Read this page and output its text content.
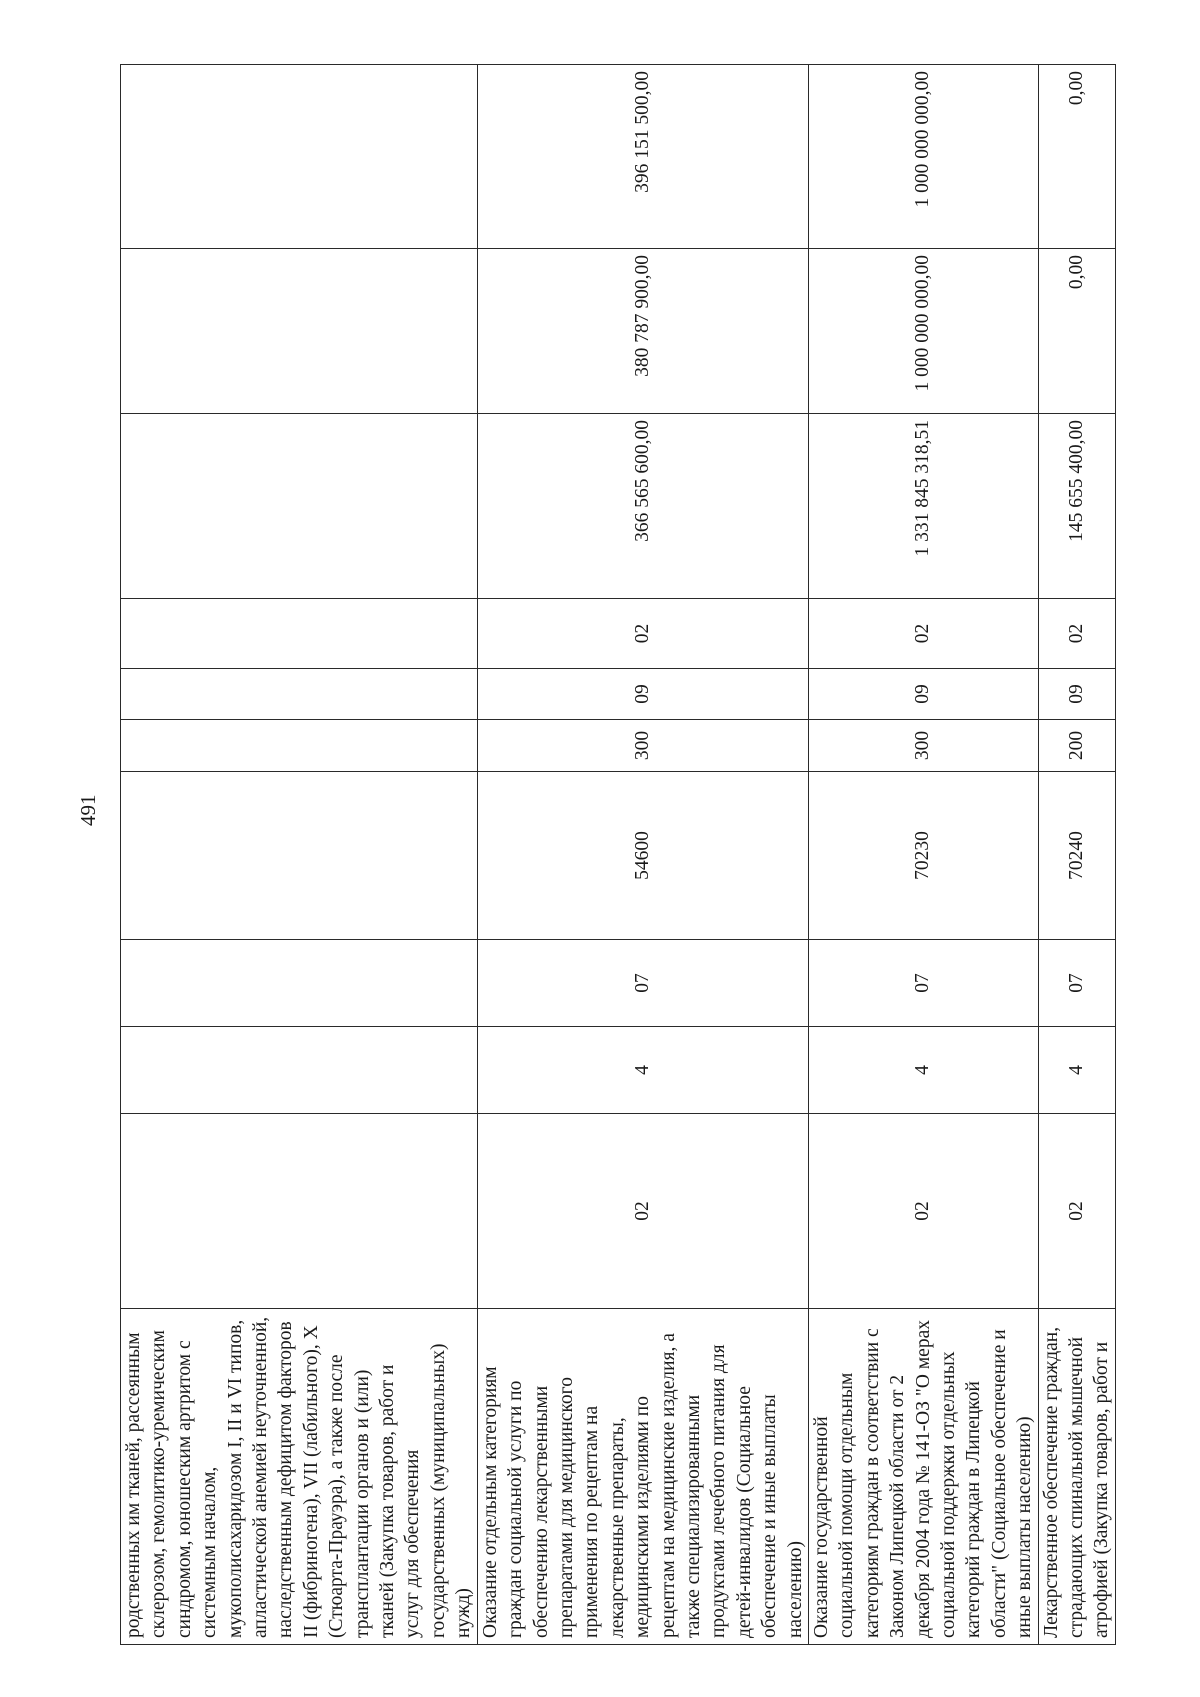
491
родственных им тканей, рассеянным склерозом, гемолитико-уремическим синдромом, юношеским артритом с системным началом, мукополисахаридозом I, II и VI типов, апластической анемией неуточненной, наследственным дефицитом факторов II (фибриногена), VII (лабильного), X (Стюарта-Прауэра), а также после трансплантации органов и (или) тканей (Закупка товаров, работ и услуг для обеспечения государственных (муниципальных) нужд)										
Оказание отдельным категориям граждан социальной услуги по обеспечению лекарственными препаратами для медицинского применения по рецептам на лекарственные препараты, медицинскими изделиями по рецептам на медицинские изделия, а также специализированными продуктами лечебного питания для детей-инвалидов (Социальное обеспечение и иные выплаты населению)	02	4	07	54600	300	09	02	366 565 600,00	380 787 900,00	396 151 500,00
Оказание государственной социальной помощи отдельным категориям граждан в соответствии с Законом Липецкой области от 2 декабря 2004 года № 141-ОЗ "О мерах социальной поддержки отдельных категорий граждан в Липецкой области" (Социальное обеспечение и иные выплаты населению)	02	4	07	70230	300	09	02	1 331 845 318,51	1 000 000 000,00	1 000 000 000,00
Лекарственное обеспечение граждан, страдающих спинальной мышечной атрофией (Закупка товаров, работ и	02	4	07	70240	200	09	02	145 655 400,00	0,00	0,00
